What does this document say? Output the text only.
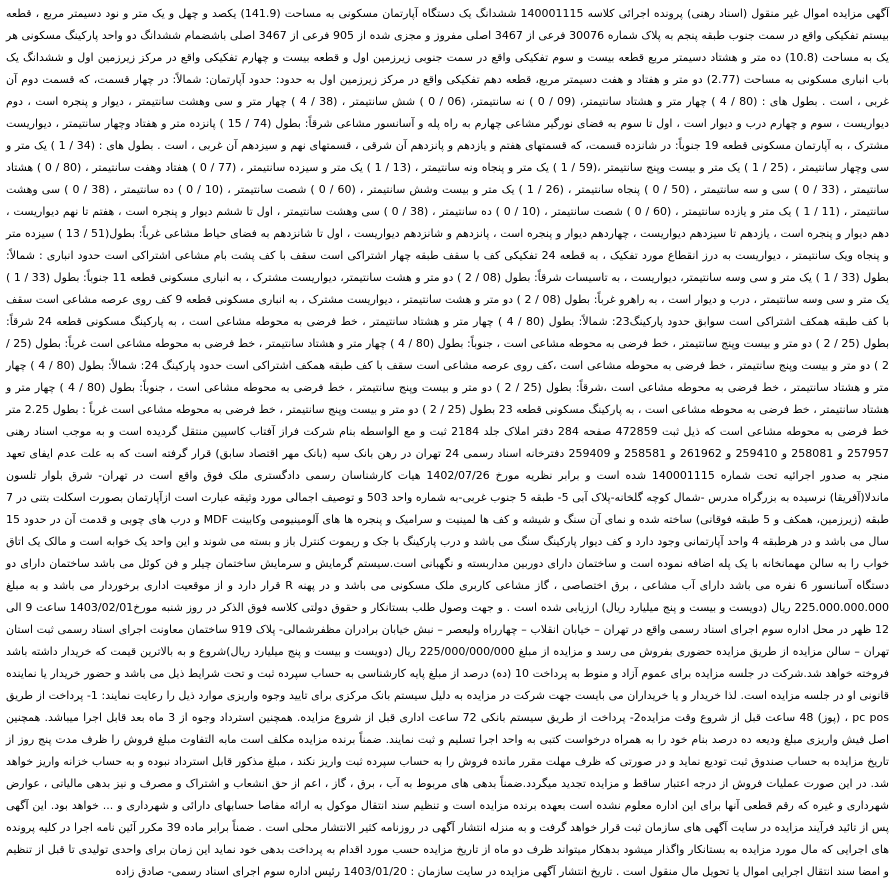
آگهی مزایده اموال غیر منقول (اسناد رهنی) پرونده اجرائی کلاسه 140001115 ششدانگ یک دستگاه آپارتمان مسکونی به مساحت (141.9) یکصد و چهل و یک متر و نود دسیمتر مربع ، قطعه بیستم تفکیکی واقع در سمت جنوب طبقه پنجم به پلاک شماره 30076 فرعی از 3467 اصلی مفروز و مجزی شده از 905 فرعی از 3467 اصلی باشضمام ششدانگ دو واحد پارکینگ مسکونی هر یک به مساحت (10.8) ده متر و هشتاد دسیمتر مربع قطعه بیست و سوم تفکیکی واقع در سمت جنوبی زیرزمین اول و قطعه بیست و چهارم تفکیکی واقع در مرکز زیرزمین اول و ششدانگ یک باب انباری مسکونی به مساحت (2.77) دو متر و هفتاد و هفت دسیمتر مربع، قطعه دهم تفکیکی واقع در مرکز زیرزمین اول به حدود: حدود آپارتمان: شمالاً: در چهار قسمت، که قسمت دوم آن غربی ، است . بطول های : (80 / 4 ) چهار متر و هشتاد سانتیمتر، (09 / 0 ) نه سانتیمتر، (06 / 0 ) شش سانتیمتر ، (38 / 4 ) چهار متر و سی وهشت سانتیمتر ، دیوار و پنجره است ، دوم دیواریست ، سوم و چهارم درب و دیوار است ، اول تا سوم به فضای نورگیر مشاعی چهارم به راه پله و آسانسور مشاعی شرقاً: بطول (74 / 15 ) پانزده متر و هفتاد وچهار سانتیمتر ، دیواریست مشترک ، به آپارتمان مسکونی قطعه 19 جنوباً: در شانزده قسمت، که قسمتهای هفتم و یازدهم و پانزدهم آن شرقی ، قسمتهای نهم و سیزدهم آن غربی ، است . بطول های : (34 / 1 ) یک متر و سی وچهار سانتیمتر ، (25 / 1 ) یک متر و بیست وپنج سانتیمتر ،(59 / 1 ) یک متر و پنجاه ونه سانتیمتر ، (13 / 1 ) یک متر و سیزده سانتیمتر ، (77 / 0 ) هفتاد وهفت سانتیمتر ، (80 / 0 ) هشتاد سانتیمتر ، (33 / 0 ) سی و سه سانتیمتر ، (50 / 0 ) پنجاه سانتیمتر ، (26 / 1 ) یک متر و بیست وشش سانتیمتر ، (60 / 0 ) شصت سانتیمتر ، (10 / 0 ) ده سانتیمتر ، (38 / 0 ) سی وهشت سانتیمتر ، (11 / 1 ) یک متر و یازده سانتیمتر ، (60 / 0 ) شصت سانتیمتر ، (10 / 0 ) ده سانتیمتر ، (38 / 0 ) سی وهشت سانتیمتر ، اول تا ششم دیوار و پنجره است ، هفتم تا نهم دیواریست ، دهم دیوار و پنجره است ، یازدهم تا سیزدهم دیواریست ، چهاردهم دیوار و پنجره است ، پانزدهم و شانزدهم دیواریست ، اول تا شانزدهم به فضای حیاط مشاعی غرباً: بطول(51 / 13 ) سیزده متر و پنجاه ویک سانتیمتر ، دیواریست به درز انقطاع مورد تفکیک ، به قطعه 24 تفکیکی کف با سقف طبقه چهار اشتراکی است سقف با کف پشت بام مشاعی اشتراکی است حدود انباری : شمالاً: بطول (33 / 1 ) یک متر و سی وسه سانتیمتر، دیواریست ، به تاسیسات شرقاً: بطول (08 / 2 ) دو متر و هشت سانتیمتر، دیواریست مشترک ، به انباری مسکونی قطعه 11 جنوباً: بطول (33 / 1 ) یک متر و سی وسه سانتیمتر ، درب و دیوار است ، به راهرو غرباً: بطول (08 / 2 ) دو متر و هشت سانتیمتر ، دیواریست مشترک ، به انباری مسکونی قطعه 9 کف روی عرصه مشاعی است سقف با کف طبقه همکف اشتراکی است سوابق حدود پارکینگ23: شمالاً: بطول (80 / 4 ) چهار متر و هشتاد سانتیمتر ، خط فرضی به محوطه مشاعی است ، به پارکینگ مسکونی قطعه 24 شرقاً: بطول (25 / 2 ) دو متر و بیست وپنج سانتیمتر ، خط فرضی به محوطه مشاعی است ، جنوباً: بطول (80 / 4 ) چهار متر و هشتاد سانتیمتر ، خط فرضی به محوطه مشاعی است غرباً: بطول (25 / 2 ) دو متر و بیست وپنج سانتیمتر ، خط فرضی به محوطه مشاعی است ،کف روی عرصه مشاعی است سقف با کف طبقه همکف اشتراکی است حدود پارکینگ 24: شمالاً: بطول (80 / 4 ) چهار متر و هشتاد سانتیمتر ، خط فرضی به محوطه مشاعی است ،شرقاً: بطول (25 / 2 ) دو متر و بیست وپنج سانتیمتر ، خط فرضی به محوطه مشاعی است ، جنوباً: بطول (80 / 4 ) چهار متر و هشتاد سانتیمتر ، خط فرضی به محوطه مشاعی است ، به پارکینگ مسکونی قطعه 23 بطول (25 / 2 ) دو متر و بیست وپنج سانتیمتر ، خط فرضی به محوطه مشاعی است غرباً : بطول 2.25 متر خط فرضی به محوطه مشاعی است که ذیل ثبت 472859 صفحه 284 دفتر املاک جلد 2184 ثبت و مع الواسطه بنام شرکت فراز آفتاب کاسپین منتقل گردیده است و به موجب اسناد رهنی 257957 و 258081 و 259410 و 261962 و 258581 و 259409 دفترخانه اسناد رسمی 24 تهران در رهن بانک سپه (بانک مهر اقتصاد سابق) قرار گرفته است که به علت عدم ایفای تعهد منجر به صدور اجرائیه تحت شماره 140001115 شده است و برابر نظریه مورخ 1402/07/26 هیات کارشناسان رسمی دادگستری ملک فوق واقع است در تهران- شرق بلوار تلسون ماندلا(آفریقا) نرسیده به بزرگراه مدرس -شمال کوچه گلخانه-پلاک آبی 5- طبقه 5 جنوب غربی-به شماره واحد 503 و توصیف اجمالی مورد وثیقه عبارت است ازآپارتمان بصورت اسکلت بتنی در 7 طبقه (زیرزمین، همکف و 5 طبقه فوقانی) ساخته شده و نمای آن سنگ و شیشه و کف ها لمینیت و سرامیک و پنجره ها های آلومینیومی وکابینت MDF و درب های چوبی و قدمت آن در حدود 15 سال می باشد و در هرطبقه 4 واحد آپارتمانی وجود دارد و کف دیوار پارکینگ سنگ می باشد و درب پارکینگ با جک و ریموت کنترل باز و بسته می شوند و این واحد یک خوابه است و مالک یک اتاق خواب را به سالن مهمانخانه با یک پله اضافه نموده است و ساختمان دارای دوربین مداربسته و نگهبانی است.سیستم گرمایش و سرمایش ساختمان چیلر و فن کوئل می باشد ساختمان دارای دو دستگاه آسانسور 6 نفره می باشد دارای آب مشاعی ، برق اختصاصی ، گاز مشاعی کاربری ملک مسکونی می باشد و در پهنه R قرار دارد و از موقعیت اداری برخوردار می باشد و به مبلغ 225.000.000.000 ریال (دویست و بیست و پنج میلیارد ریال) ارزیابی شده است . و جهت وصول طلب بستانکار و حقوق دولتی کلاسه فوق الذکر در روز شنبه مورخ1403/02/01 ساعت 9 الی 12 ظهر در محل اداره سوم اجرای اسناد رسمی واقع در تهران – خیابان انقلاب – چهارراه ولیعصر – نبش خیابان برادران مظفرشمالی- پلاک 919 ساختمان معاونت اجرای اسناد رسمی ثبت استان تهران – سالن مزایده از طریق مزایده حضوری بفروش می رسد و مزایده از مبلغ 225/000/000/000 ریال (دویست و بیست و پنج میلیارد ریال)شروع و به بالاترین قیمت که خریدار داشته باشد فروخته خواهد شد.شرکت در جلسه مزایده برای عموم آزاد و منوط به پرداخت 10 (ده) درصد از مبلغ پایه کارشناسی به حساب سپرده ثبت و تحت شرایط ذیل می باشد و حضور خریدار یا نماینده قانونی او در جلسه مزایده است. لذا خریدار و یا خریداران می بایست جهت شرکت در مزایده به دلیل سیستم بانک مرکزی برای تایید وجوه واریزی موارد ذیل را رعایت نمایند: 1- پرداخت از طریق pc pos ، (پوز) 48 ساعت قبل از شروع وقت مزایده2- پرداخت از طریق سیستم بانکی 72 ساعت اداری قبل از شروع مزایده. همچنین استرداد وجوه از 3 ماه بعد قابل اجرا میباشد. همچنین اصل فیش واریزی مبلغ ودیعه ده درصد بنام خود را به همراه درخواست کتبی به واحد اجرا تسلیم و ثبت نمایند. ضمناً برنده مزایده مکلف است مابه التفاوت مبلغ فروش را ظرف مدت پنج روز از تاریخ مزایده به حساب صندوق ثبت تودیع نماید و در صورتی که ظرف مهلت مقرر مانده فروش را به حساب سپرده ثبت واریز نکند ، مبلغ مذکور قابل استرداد نبوده و به حساب خزانه واریز خواهد شد. در این صورت عملیات فروش از درجه اعتبار ساقط و مزایده تجدید میگردد.ضمناً بدهی های مربوط به آب ، برق ، گاز ، اعم از حق انشعاب و اشتراک و مصرف و نیز بدهی مالیاتی ، عوارض شهرداری و غیره که رقم قطعی آنها برای این اداره معلوم نشده است بعهده برنده مزایده است و تنظیم سند انتقال موکول به ارائه مفاصا حسابهای دارائی و شهرداری و ... خواهد بود. این آگهی پس از تائید فرآیند مزایده در سایت آگهی های سازمان ثبت قرار خواهد گرفت و به منزله انتشار آگهی در روزنامه کثیر الانتشار محلی است . ضمناً برابر ماده 39 مکرر آئین نامه اجرا در کلیه پرونده های اجرایی که مال مورد مزایده به بستانکار واگذار میشود بدهکار میتواند ظرف دو ماه از تاریخ مزایده حسب مورد اقدام به پرداخت بدهی خود نماید این زمان برای واحدی تولیدی تا قبل از تنظیم و امضا سند انتقال اجرایی اموال یا تحویل مال منقول است . تاریخ انتشار آگهی مزایده در سایت سازمان : 1403/01/20 رئیس اداره سوم اجرای اسناد رسمی- صادق زاده
